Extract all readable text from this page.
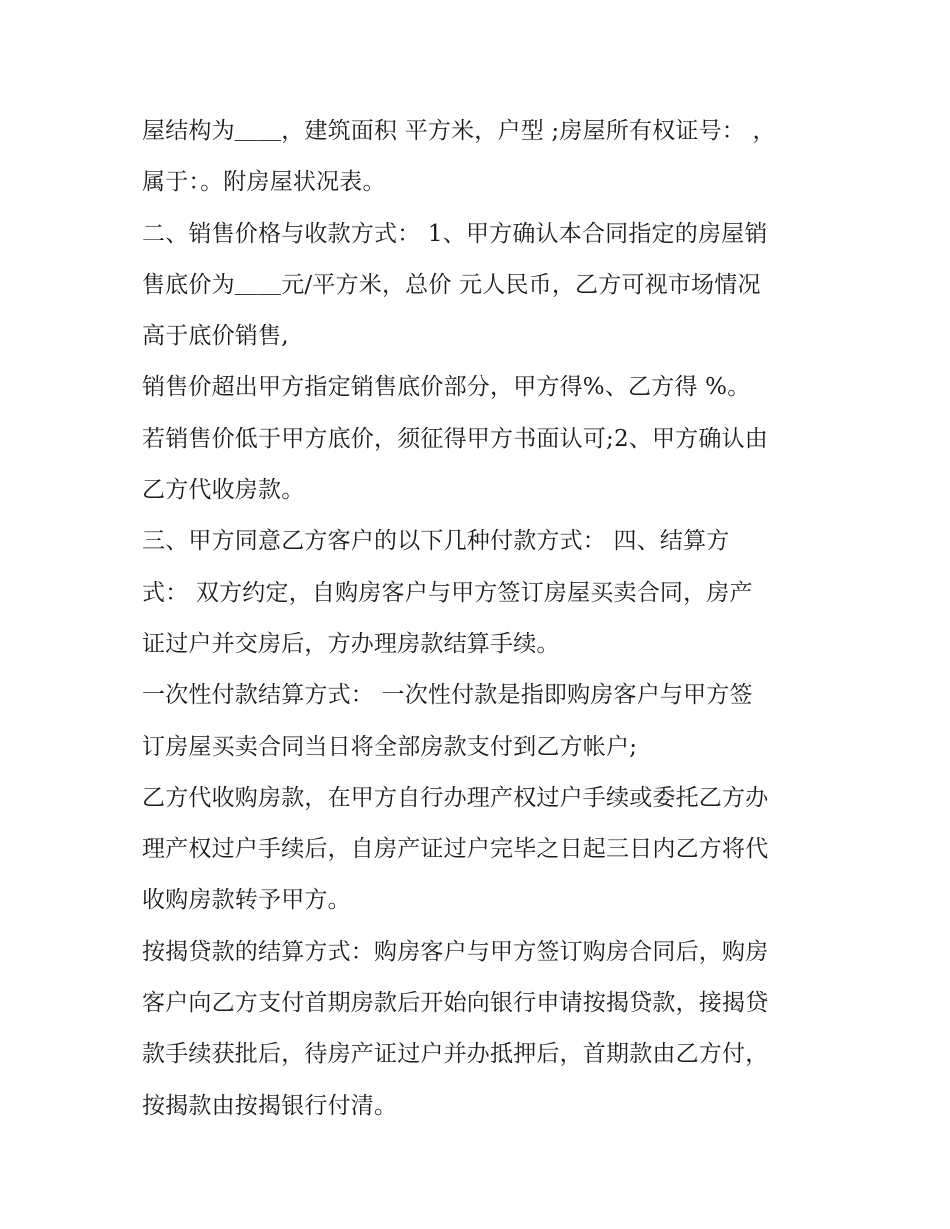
屋结构为＿＿，建筑面积 平方米，户型 ;房屋所有权证号： ，
属于：。附房屋状况表。
二、销售价格与收款方式： 1、甲方确认本合同指定的房屋销
售底价为＿＿元/平方米，总价 元人民币，乙方可视市场情况
高于底价销售,
销售价超出甲方指定销售底价部分，甲方得%、乙方得 %。
若销售价低于甲方底价，须征得甲方书面认可;2、甲方确认由
乙方代收房款。
三、甲方同意乙方客户的以下几种付款方式： 四、结算方
式： 双方约定，自购房客户与甲方签订房屋买卖合同，房产
证过户并交房后，方办理房款结算手续。
一次性付款结算方式： 一次性付款是指即购房客户与甲方签
订房屋买卖合同当日将全部房款支付到乙方帐户;
乙方代收购房款，在甲方自行办理产权过户手续或委托乙方办
理产权过户手续后，自房产证过户完毕之日起三日内乙方将代
收购房款转予甲方。
按揭贷款的结算方式：购房客户与甲方签订购房合同后，购房
客户向乙方支付首期房款后开始向银行申请按揭贷款，接揭贷
款手续获批后，待房产证过户并办抵押后，首期款由乙方付，
按揭款由按揭银行付清。
